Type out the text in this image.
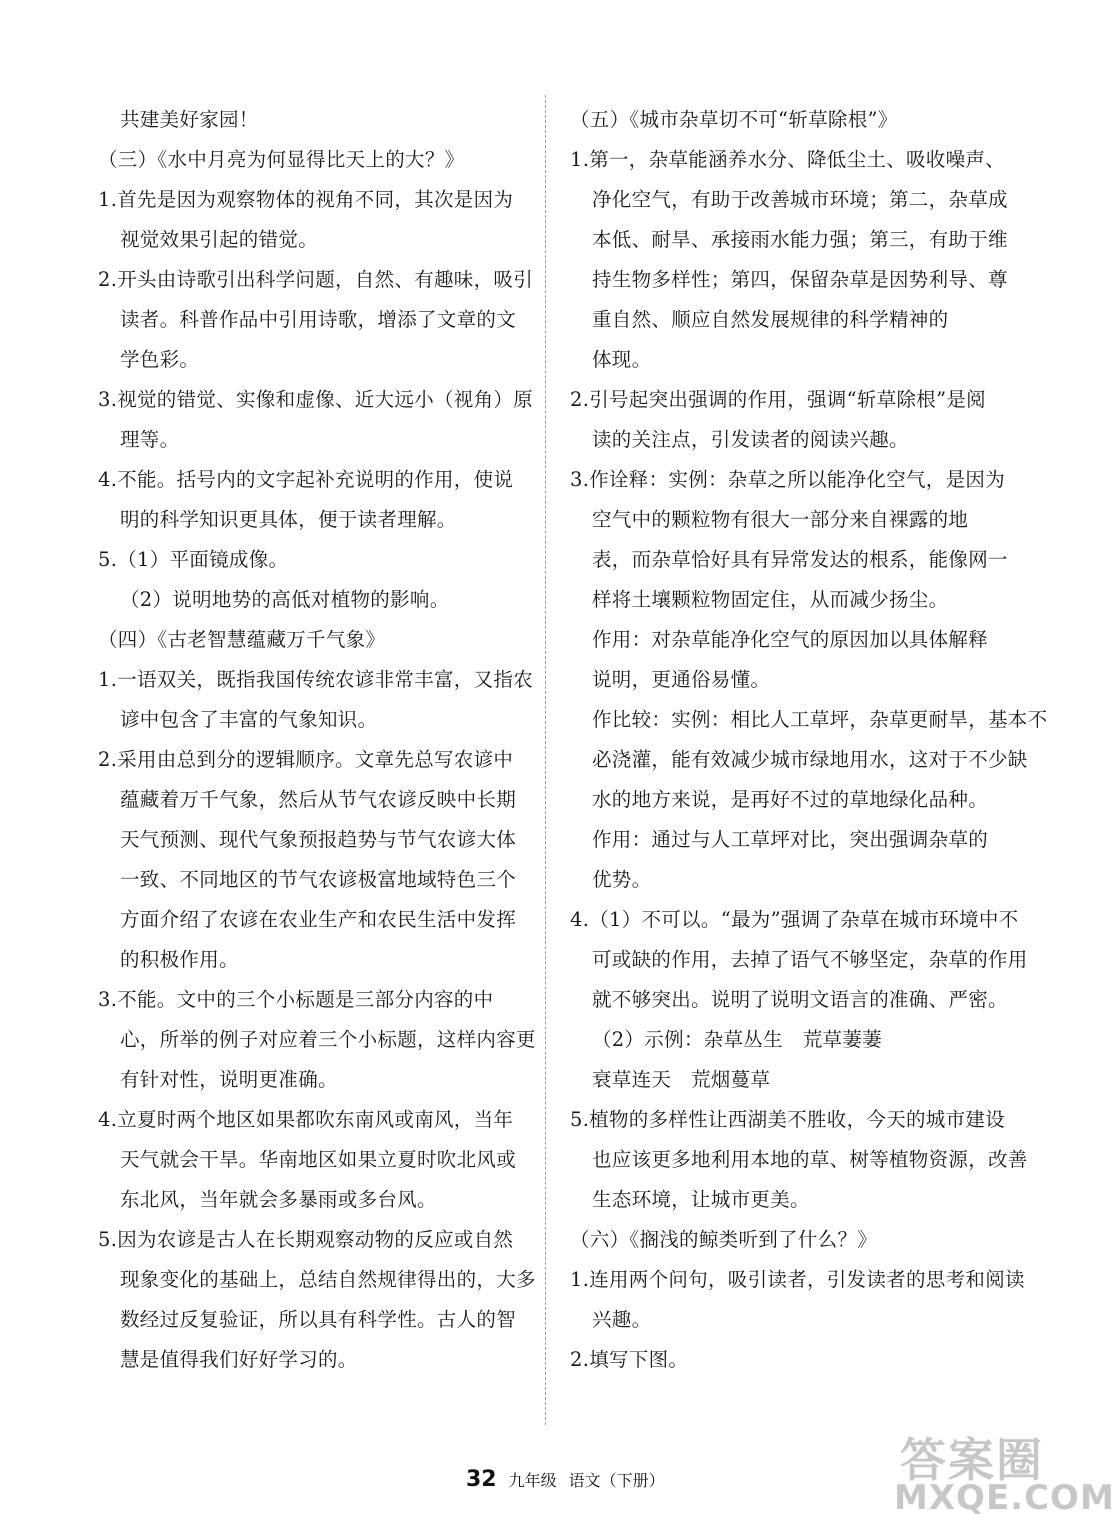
共建美好家园！
（三）《水中月亮为何显得比天上的大？》
1.首先是因为观察物体的视角不同，其次是因为
视觉效果引起的错觉。
2.开头由诗歌引出科学问题，自然、有趣味，吸引
读者。科普作品中引用诗歌，增添了文章的文
学色彩。
3.视觉的错觉、实像和虚像、近大远小（视角）原
理等。
4.不能。括号内的文字起补充说明的作用，使说
明的科学知识更具体，便于读者理解。
5.（1）平面镜成像。
（2）说明地势的高低对植物的影响。
（四）《古老智慧蕴藏万千气象》
1.一语双关，既指我国传统农谚非常丰富，又指农
谚中包含了丰富的气象知识。
2.采用由总到分的逻辑顺序。文章先总写农谚中
蕴藏着万千气象，然后从节气农谚反映中长期
天气预测、现代气象预报趋势与节气农谚大体
一致、不同地区的节气农谚极富地域特色三个
方面介绍了农谚在农业生产和农民生活中发挥
的积极作用。
3.不能。文中的三个小标题是三部分内容的中
心，所举的例子对应着三个小标题，这样内容更
有针对性，说明更准确。
4.立夏时两个地区如果都吹东南风或南风，当年
天气就会干旱。华南地区如果立夏时吹北风或
东北风，当年就会多暴雨或多台风。
5.因为农谚是古人在长期观察动物的反应或自然
现象变化的基础上，总结自然规律得出的，大多
数经过反复验证，所以具有科学性。古人的智
慧是值得我们好好学习的。
（五）《城市杂草切不可“斩草除根”》
1.第一，杂草能涵养水分、降低尘土、吸收噪声、
净化空气，有助于改善城市环境；第二，杂草成
本低、耐旱、承接雨水能力强；第三，有助于维
持生物多样性；第四，保留杂草是因势利导、尊
重自然、顺应自然发展规律的科学精神的
体现。
2.引号起突出强调的作用，强调“斩草除根”是阅
读的关注点，引发读者的阅读兴趣。
3.作诠释：实例：杂草之所以能净化空气，是因为
空气中的颗粒物有很大一部分来自裸露的地
表，而杂草恰好具有异常发达的根系，能像网一
样将土壤颗粒物固定住，从而减少扬尘。
作用：对杂草能净化空气的原因加以具体解释
说明，更通俗易懂。
作比较：实例：相比人工草坪，杂草更耐旱，基本不
必浇灌，能有效减少城市绿地用水，这对于不少缺
水的地方来说，是再好不过的草地绿化品种。
作用：通过与人工草坪对比，突出强调杂草的
优势。
4.（1）不可以。“最为”强调了杂草在城市环境中不
可或缺的作用，去掉了语气不够坚定，杂草的作用
就不够突出。说明了说明文语言的准确、严密。
（2）示例：杂草丛生　荒草萋萋
衰草连天　荒烟蔓草
5.植物的多样性让西湖美不胜收，今天的城市建设
也应该更多地利用本地的草、树等植物资源，改善
生态环境，让城市更美。
（六）《搁浅的鲸类听到了什么？》
1.连用两个问句，吸引读者，引发读者的思考和阅读
兴趣。
2.填写下图。
32 九年级 语文（下册）	答案圈
MXQE.COM
